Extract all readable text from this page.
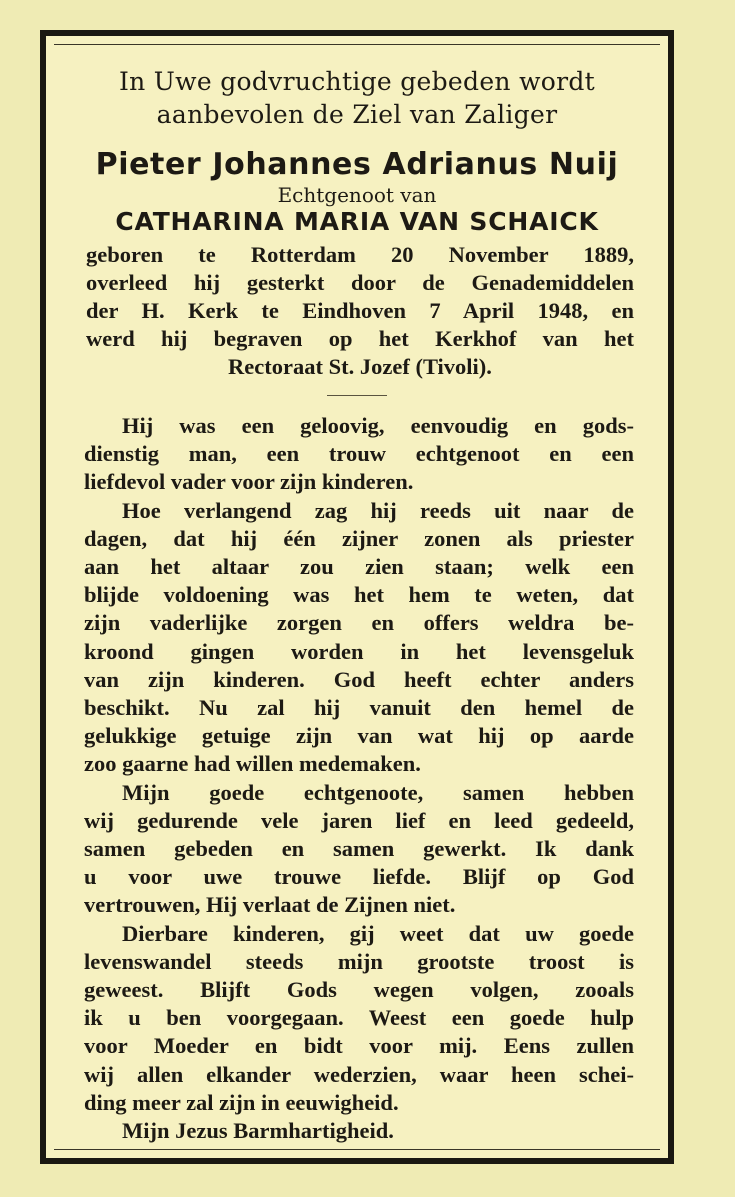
In Uwe godvruchtige gebeden wordt
aanbevolen de Ziel van Zaliger
Pieter Johannes Adrianus Nuij
Echtgenoot van
CATHARINA MARIA VAN SCHAICK
geboren te Rotterdam 20 November 1889,
overleed hij gesterkt door de Genademiddelen
der H. Kerk te Eindhoven 7 April 1948, en
werd hij begraven op het Kerkhof van het
Rectoraat St. Jozef (Tivoli).
Hij was een geloovig, eenvoudig en gods-
dienstig man, een trouw echtgenoot en een
liefdevol vader voor zijn kinderen.
Hoe verlangend zag hij reeds uit naar de
dagen, dat hij één zijner zonen als priester
aan het altaar zou zien staan; welk een
blijde voldoening was het hem te weten, dat
zijn vaderlijke zorgen en offers weldra be-
kroond gingen worden in het levensgeluk
van zijn kinderen. God heeft echter anders
beschikt. Nu zal hij vanuit den hemel de
gelukkige getuige zijn van wat hij op aarde
zoo gaarne had willen medemaken.
Mijn goede echtgenoote, samen hebben
wij gedurende vele jaren lief en leed gedeeld,
samen gebeden en samen gewerkt. Ik dank
u voor uwe trouwe liefde. Blijf op God
vertrouwen, Hij verlaat de Zijnen niet.
Dierbare kinderen, gij weet dat uw goede
levenswandel steeds mijn grootste troost is
geweest. Blijft Gods wegen volgen, zooals
ik u ben voorgegaan. Weest een goede hulp
voor Moeder en bidt voor mij. Eens zullen
wij allen elkander wederzien, waar heen schei-
ding meer zal zijn in eeuwigheid.
Mijn Jezus Barmhartigheid.
